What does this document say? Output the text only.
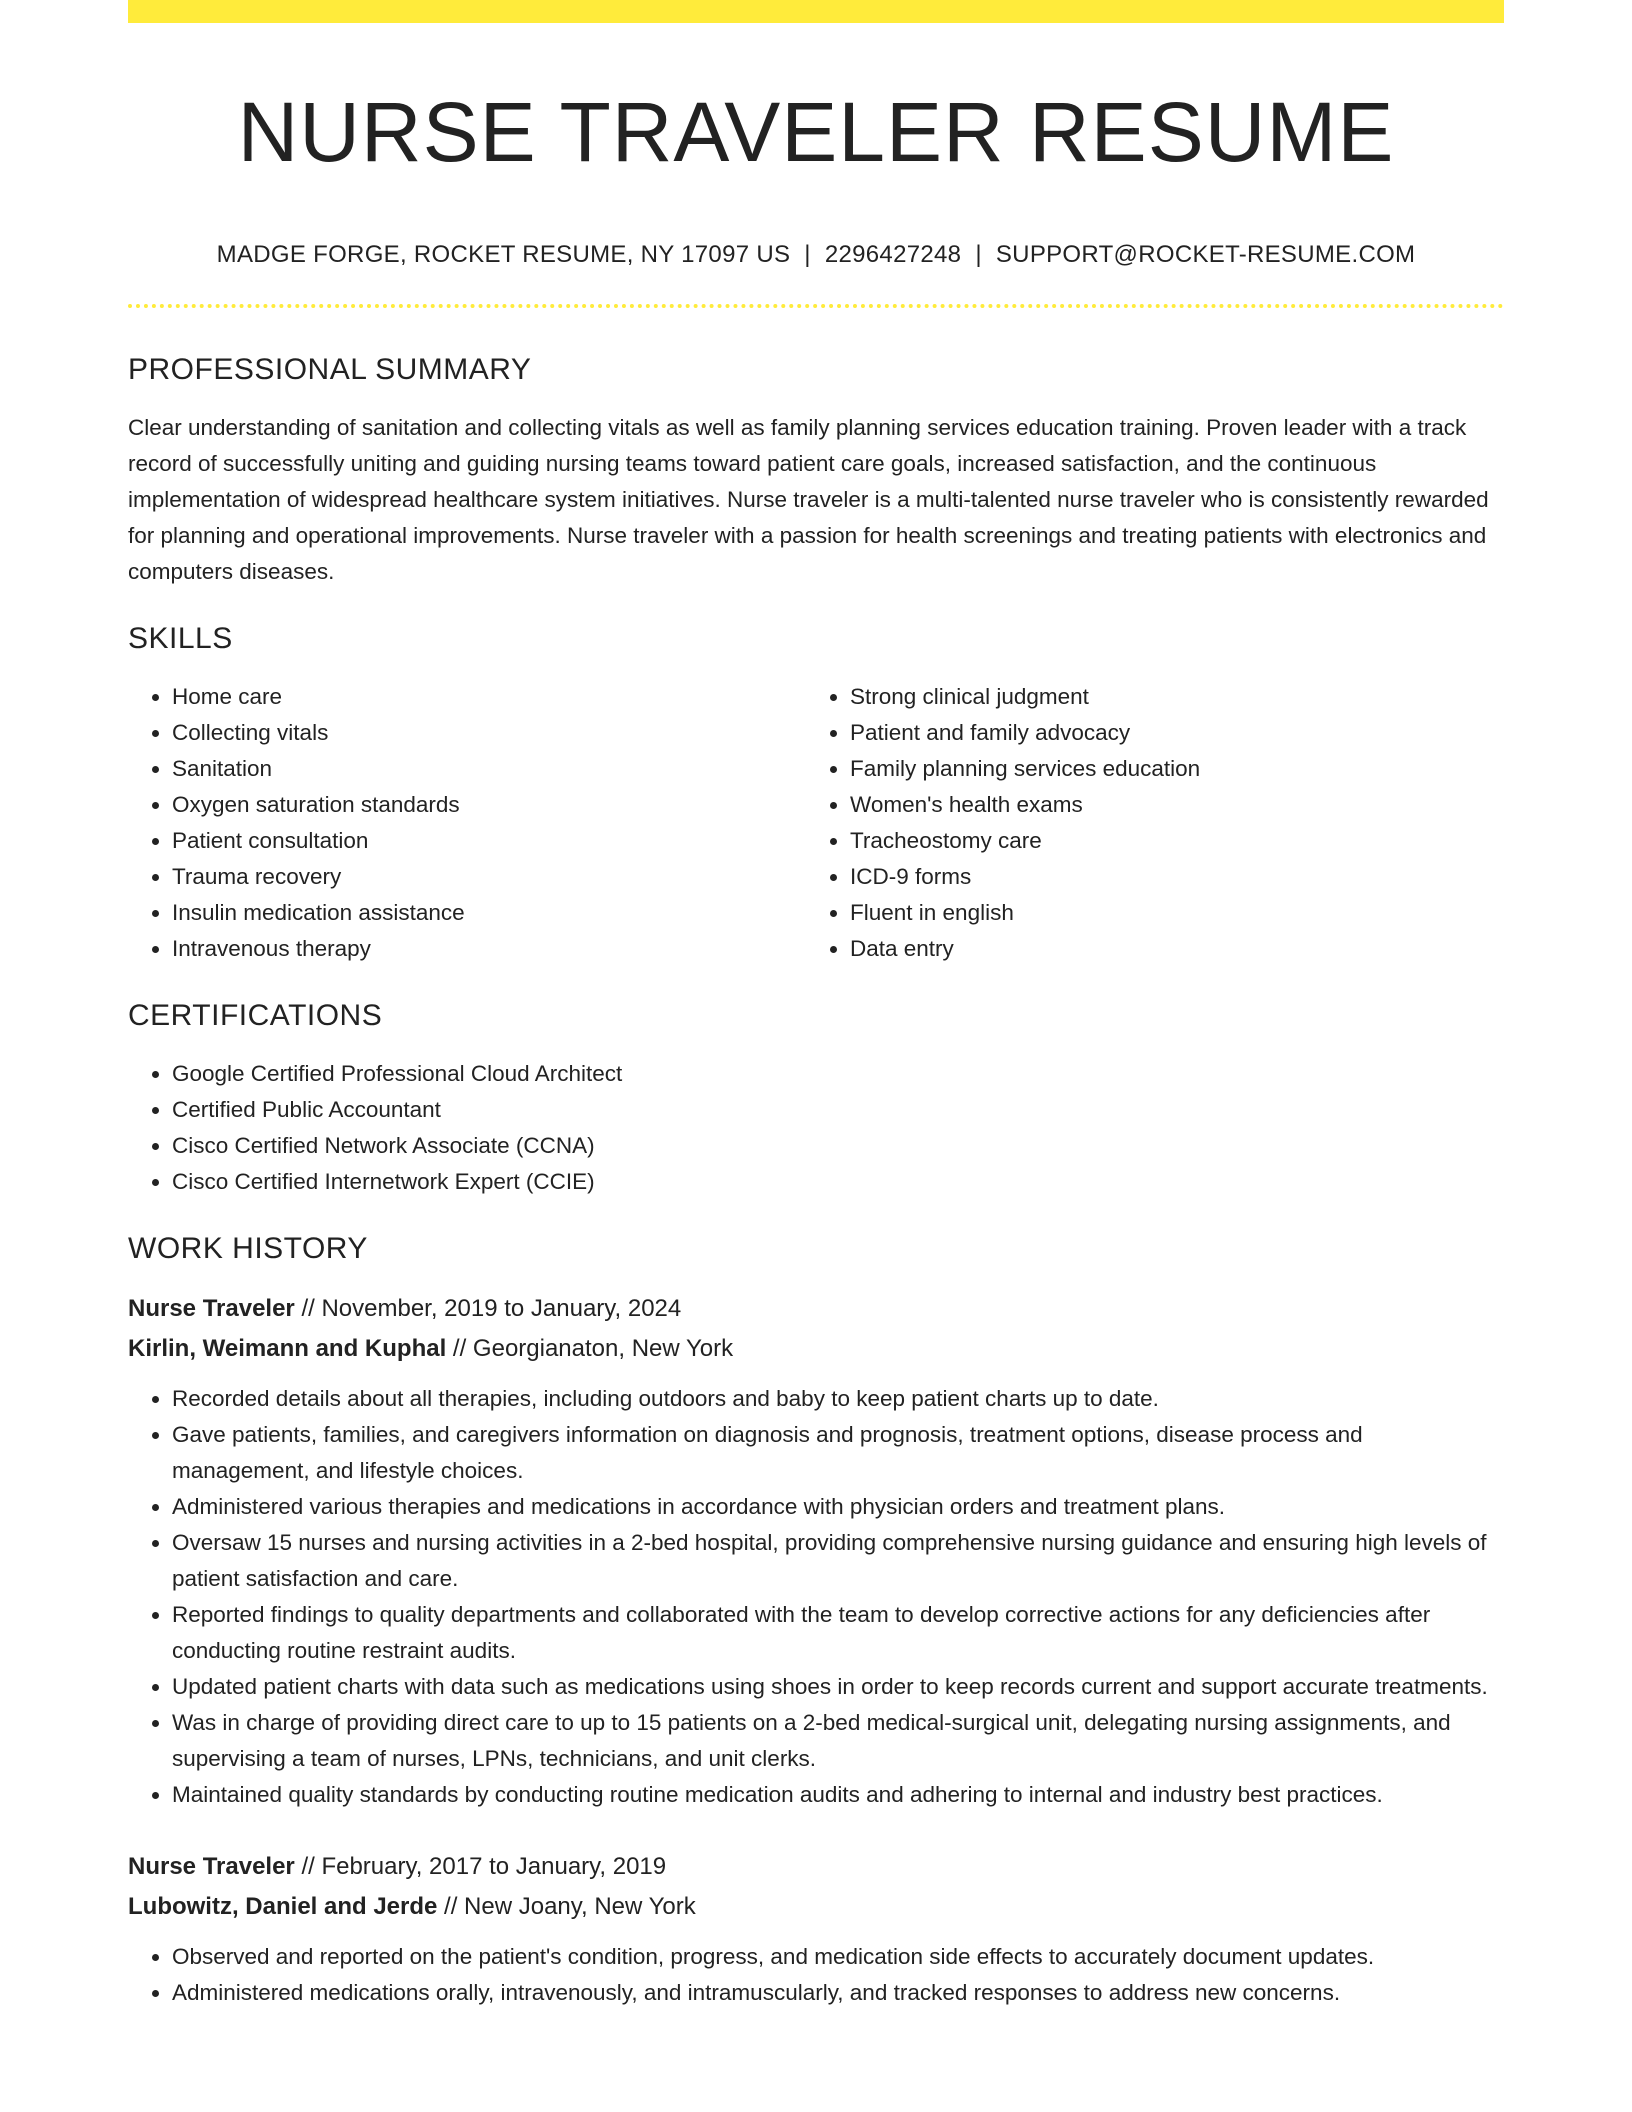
NURSE TRAVELER RESUME
MADGE FORGE, ROCKET RESUME, NY 17097 US | 2296427248 | SUPPORT@ROCKET-RESUME.COM
PROFESSIONAL SUMMARY

Clear understanding of sanitation and collecting vitals as well as family planning services education training. Proven leader with a track record of successfully uniting and guiding nursing teams toward patient care goals, increased satisfaction, and the continuous implementation of widespread healthcare system initiatives. Nurse traveler is a multi-talented nurse traveler who is consistently rewarded for planning and operational improvements. Nurse traveler with a passion for health screenings and treating patients with electronics and computers diseases.

SKILLS
• Home care
• Collecting vitals
• Sanitation
• Oxygen saturation standards
• Patient consultation
• Trauma recovery
• Insulin medication assistance
• Intravenous therapy
• Strong clinical judgment
• Patient and family advocacy
• Family planning services education
• Women's health exams
• Tracheostomy care
• ICD-9 forms
• Fluent in english
• Data entry
CERTIFICATIONS
• Google Certified Professional Cloud Architect
• Certified Public Accountant
• Cisco Certified Network Associate (CCNA)
• Cisco Certified Internetwork Expert (CCIE)
WORK HISTORY
Nurse Traveler // November, 2019 to January, 2024
Kirlin, Weimann and Kuphal // Georgianaton, New York
• Recorded details about all therapies, including outdoors and baby to keep patient charts up to date.
• Gave patients, families, and caregivers information on diagnosis and prognosis, treatment options, disease process and management, and lifestyle choices.
• Administered various therapies and medications in accordance with physician orders and treatment plans.
• Oversaw 15 nurses and nursing activities in a 2-bed hospital, providing comprehensive nursing guidance and ensuring high levels of patient satisfaction and care.
• Reported findings to quality departments and collaborated with the team to develop corrective actions for any deficiencies after conducting routine restraint audits.
• Updated patient charts with data such as medications using shoes in order to keep records current and support accurate treatments.
• Was in charge of providing direct care to up to 15 patients on a 2-bed medical-surgical unit, delegating nursing assignments, and supervising a team of nurses, LPNs, technicians, and unit clerks.
• Maintained quality standards by conducting routine medication audits and adhering to internal and industry best practices.
Nurse Traveler // February, 2017 to January, 2019
Lubowitz, Daniel and Jerde // New Joany, New York
• Observed and reported on the patient's condition, progress, and medication side effects to accurately document updates.
• Administered medications orally, intravenously, and intramuscularly, and tracked responses to address new concerns.
